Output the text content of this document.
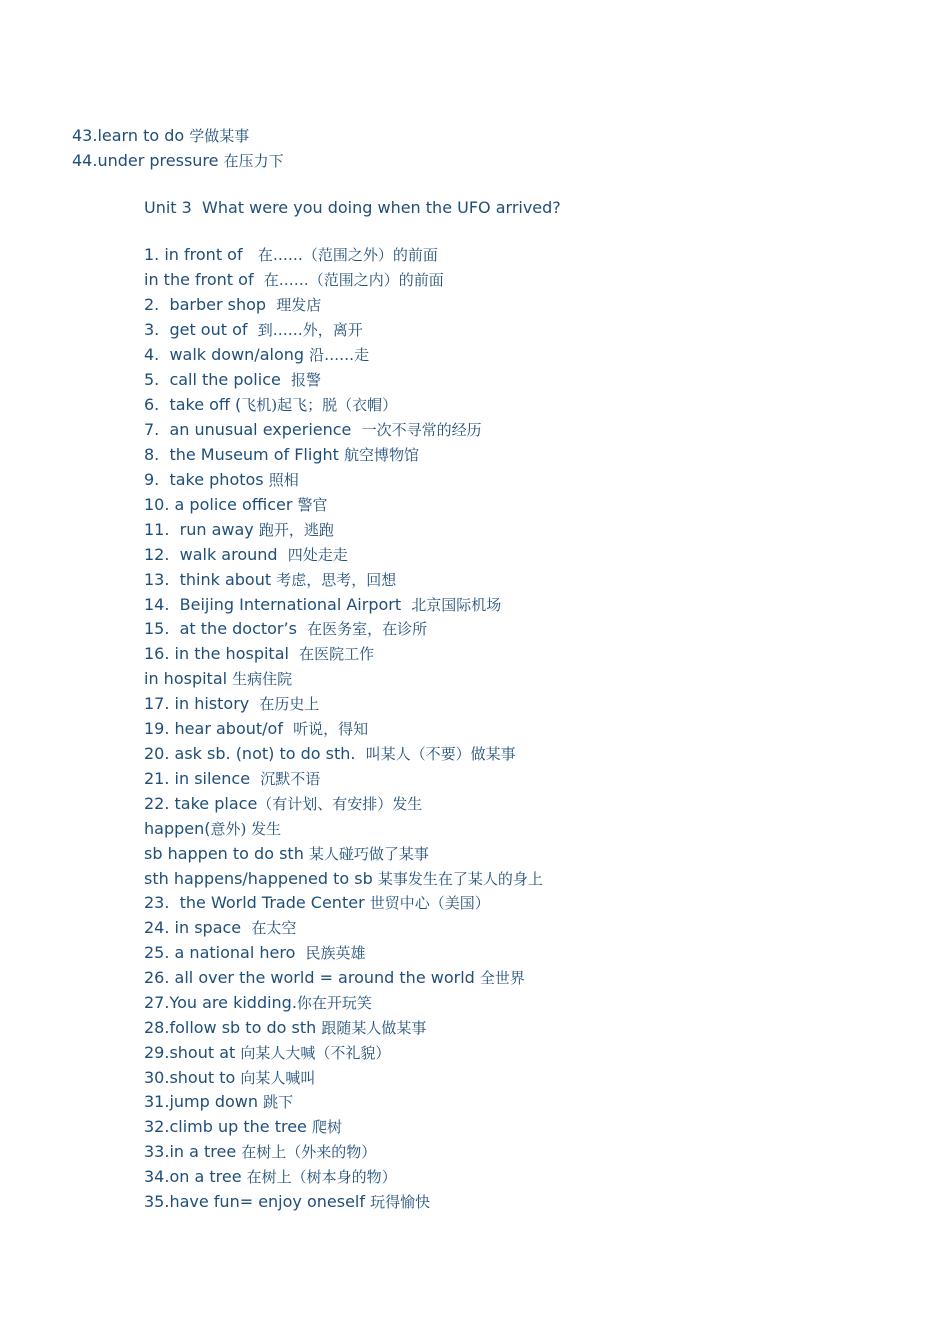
43.learn to do 学做某事
44.under pressure 在压力下
Unit 3  What were you doing when the UFO arrived?
1. in front of   在……（范围之外）的前面
in the front of  在……（范围之内）的前面
2.  barber shop  理发店
3.  get out of  到……外，离开
4.  walk down/along 沿……走
5.  call the police  报警
6.  take off (飞机)起飞；脱（衣帽）
7.  an unusual experience  一次不寻常的经历
8.  the Museum of Flight 航空博物馆
9.  take photos 照相
10. a police officer 警官
11.  run away 跑开，逃跑
12.  walk around  四处走走
13.  think about 考虑，思考，回想
14.  Beijing International Airport  北京国际机场
15.  at the doctor’s  在医务室，在诊所
16. in the hospital  在医院工作
in hospital 生病住院
17. in history  在历史上
19. hear about/of  听说，得知
20. ask sb. (not) to do sth.  叫某人（不要）做某事
21. in silence  沉默不语
22. take place（有计划、有安排）发生
happen(意外) 发生
sb happen to do sth 某人碰巧做了某事
sth happens/happened to sb 某事发生在了某人的身上
23.  the World Trade Center 世贸中心（美国）
24. in space  在太空
25. a national hero  民族英雄
26. all over the world = around the world 全世界
27.You are kidding.你在开玩笑
28.follow sb to do sth 跟随某人做某事
29.shout at 向某人大喊（不礼貌）
30.shout to 向某人喊叫
31.jump down 跳下
32.climb up the tree 爬树
33.in a tree 在树上（外来的物）
34.on a tree 在树上（树本身的物）
35.have fun= enjoy oneself 玩得愉快
